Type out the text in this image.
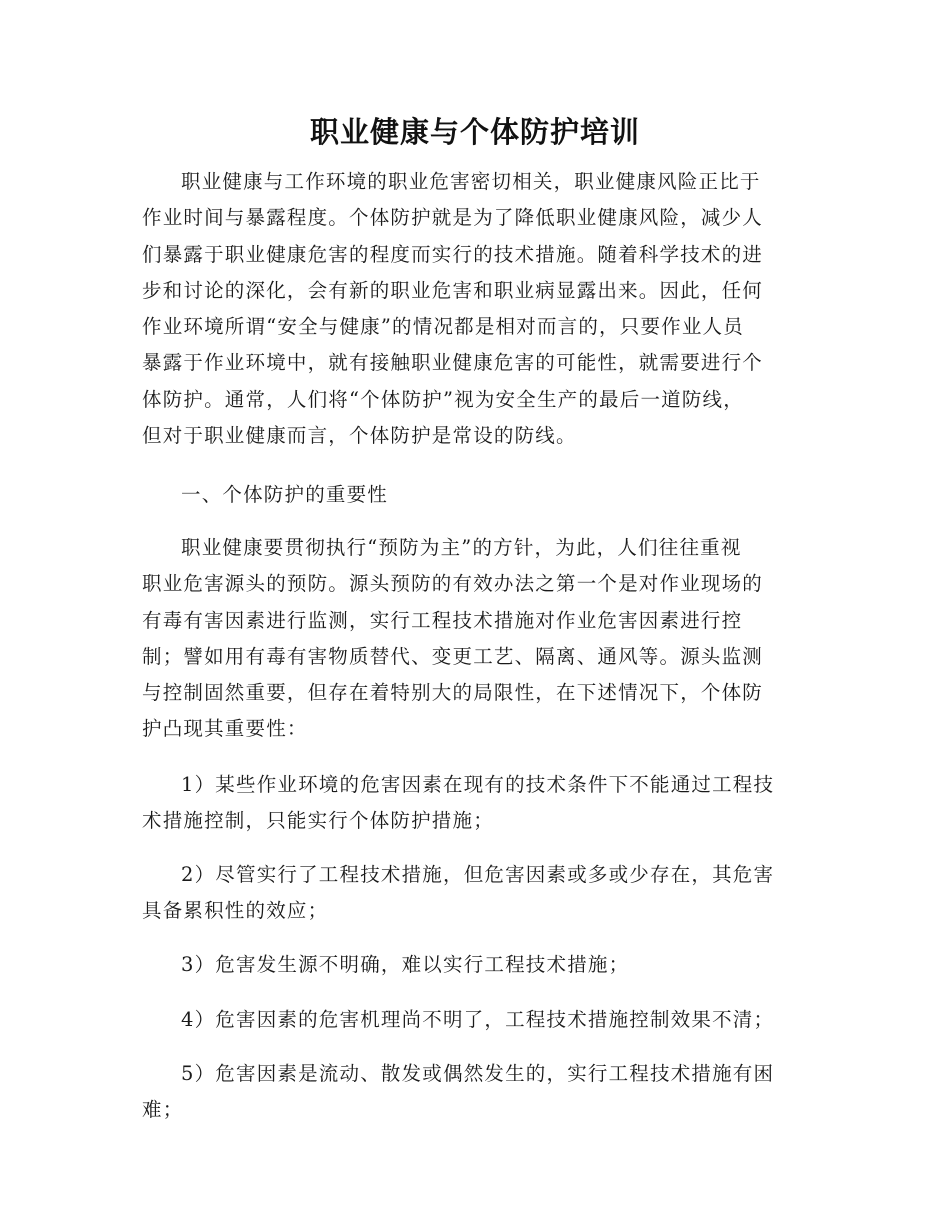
职业健康与个体防护培训

职业健康与工作环境的职业危害密切相关，职业健康风险正比于
作业时间与暴露程度。个体防护就是为了降低职业健康风险，减少人
们暴露于职业健康危害的程度而实行的技术措施。随着科学技术的进
步和讨论的深化，会有新的职业危害和职业病显露出来。因此，任何
作业环境所谓“安全与健康”的情况都是相对而言的，只要作业人员
暴露于作业环境中，就有接触职业健康危害的可能性，就需要进行个
体防护。通常，人们将“个体防护”视为安全生产的最后一道防线，
但对于职业健康而言，个体防护是常设的防线。

一、个体防护的重要性

职业健康要贯彻执行“预防为主”的方针，为此，人们往往重视
职业危害源头的预防。源头预防的有效办法之第一个是对作业现场的
有毒有害因素进行监测，实行工程技术措施对作业危害因素进行控
制；譬如用有毒有害物质替代、变更工艺、隔离、通风等。源头监测
与控制固然重要，但存在着特别大的局限性，在下述情况下，个体防
护凸现其重要性：

1）某些作业环境的危害因素在现有的技术条件下不能通过工程技
术措施控制，只能实行个体防护措施；

2）尽管实行了工程技术措施，但危害因素或多或少存在，其危害
具备累积性的效应；

3）危害发生源不明确，难以实行工程技术措施；

4）危害因素的危害机理尚不明了，工程技术措施控制效果不清；

5）危害因素是流动、散发或偶然发生的，实行工程技术措施有困
难；
